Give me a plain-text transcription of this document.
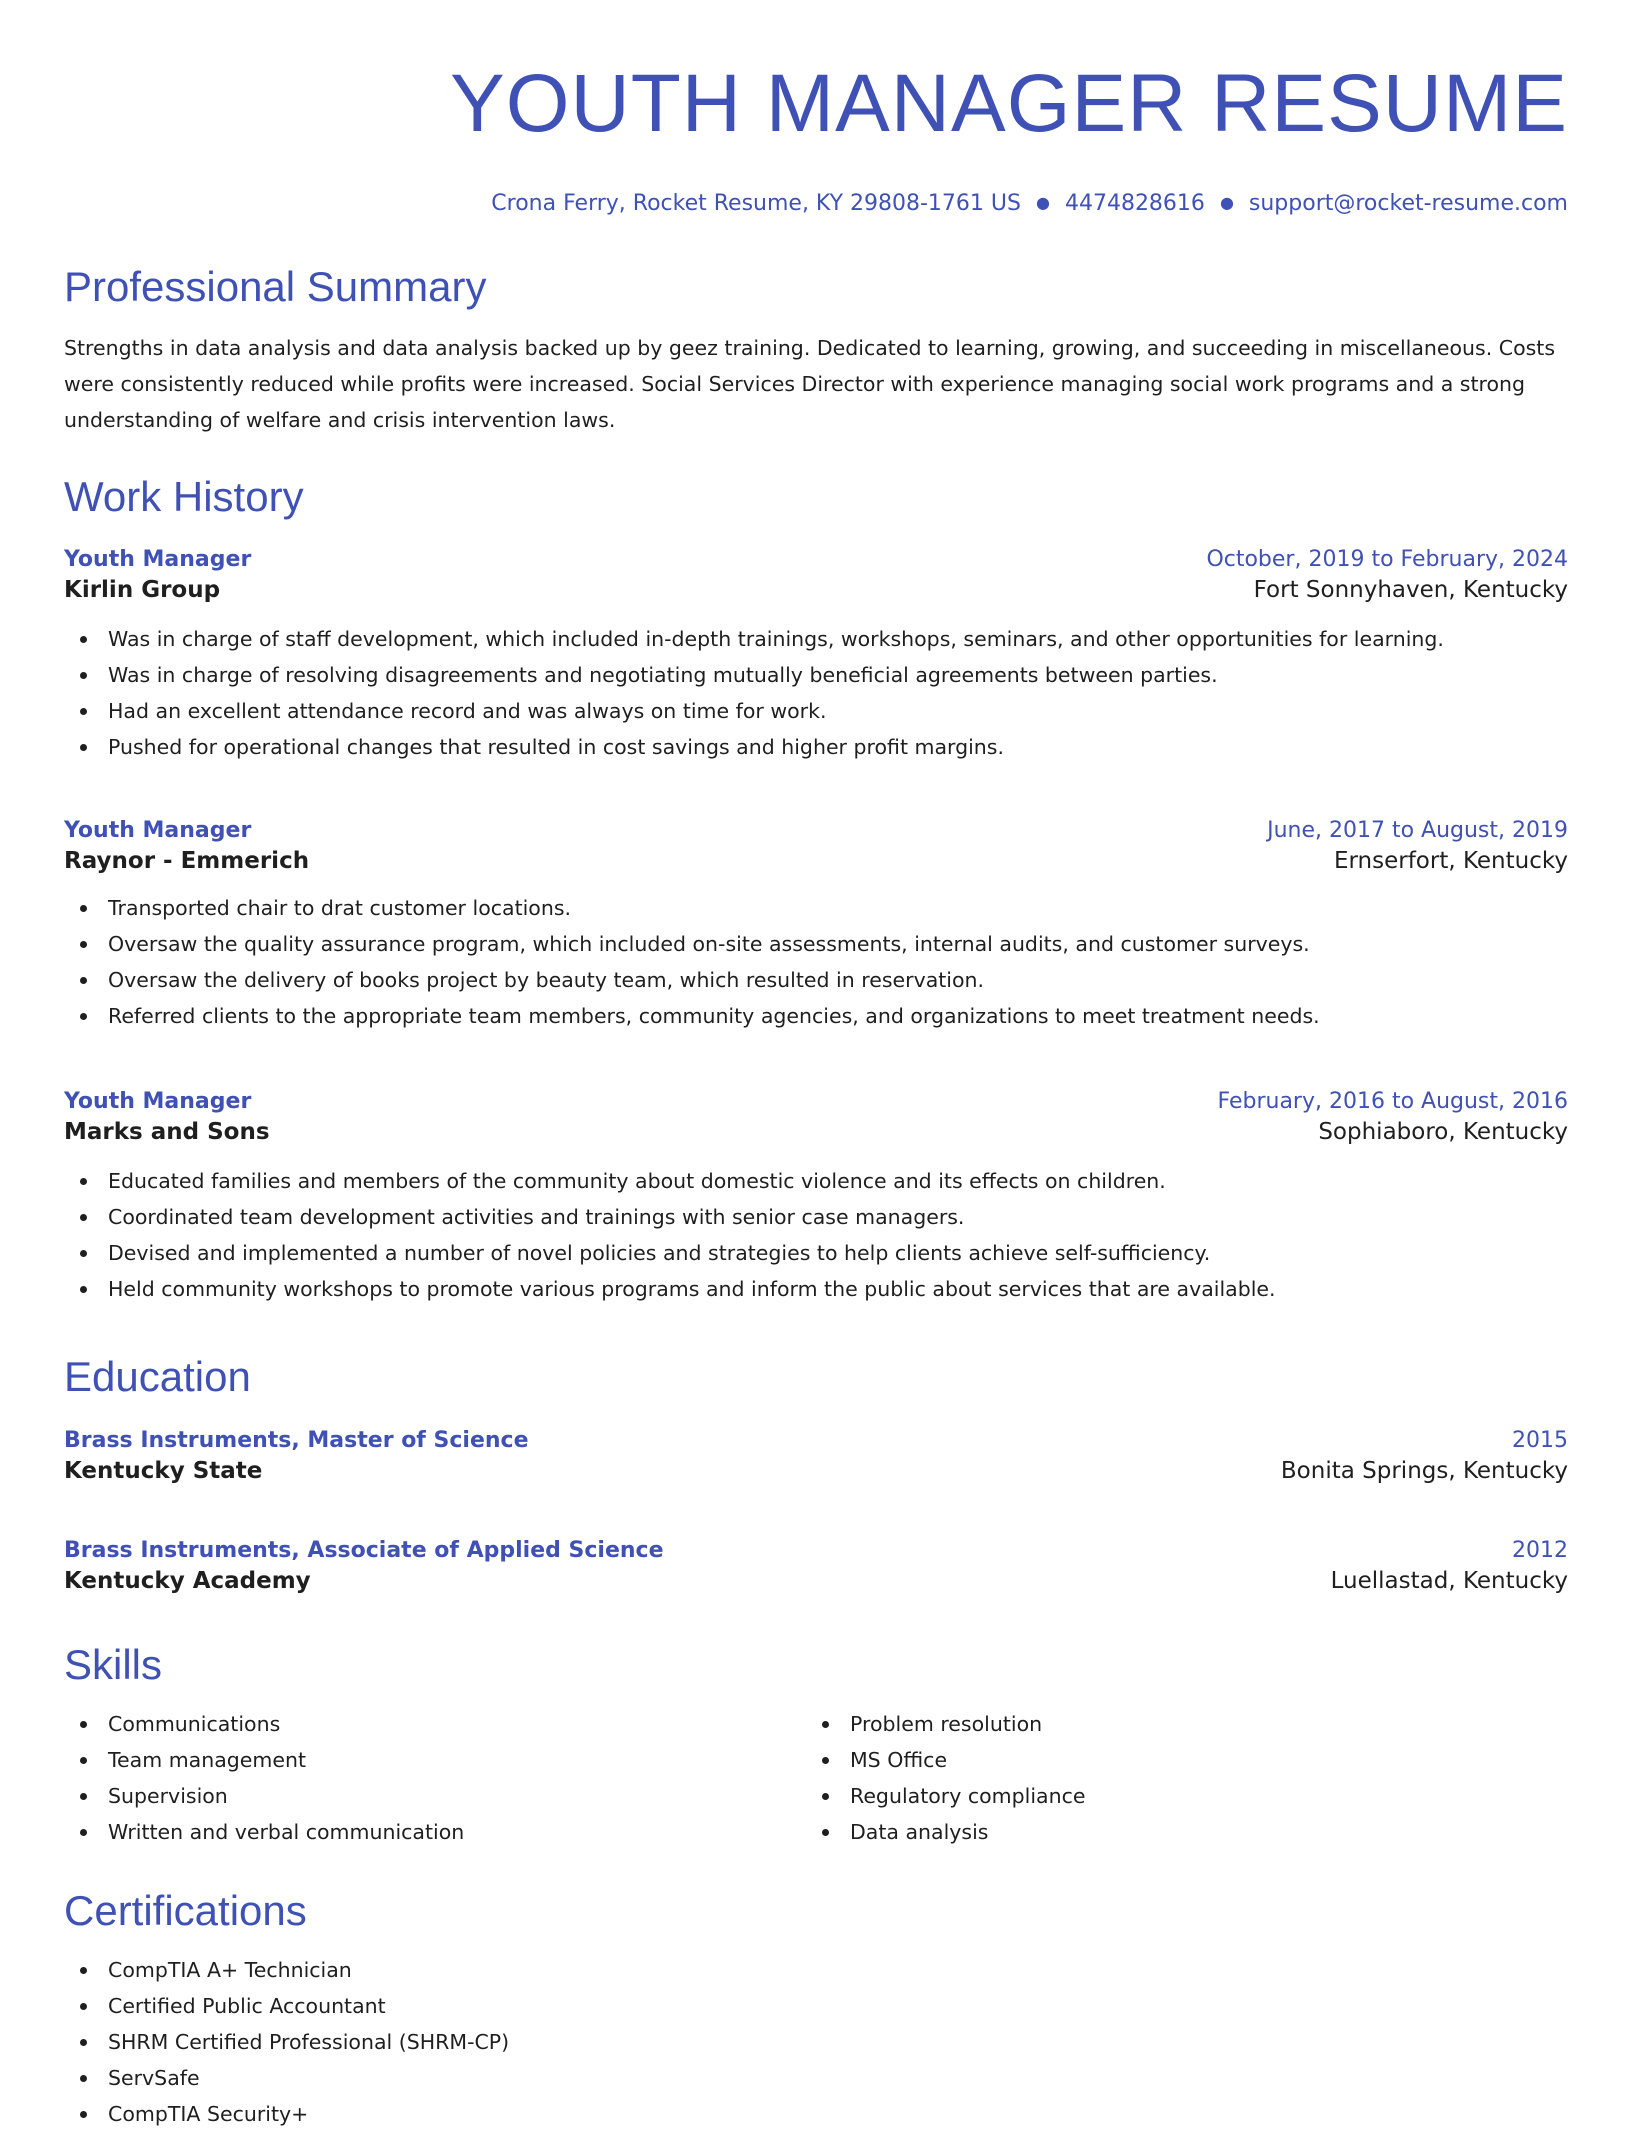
YOUTH MANAGER RESUME
Crona Ferry, Rocket Resume, KY 29808-1761 US ● 4474828616 ● support@rocket-resume.com
Professional Summary

Strengths in data analysis and data analysis backed up by geez training. Dedicated to learning, growing, and succeeding in miscellaneous. Costs were consistently reduced while profits were increased. Social Services Director with experience managing social work programs and a strong understanding of welfare and crisis intervention laws.

Work History
Youth Manager	October, 2019 to February, 2024
Kirlin Group	Fort Sonnyhaven, Kentucky
Was in charge of staff development, which included in-depth trainings, workshops, seminars, and other opportunities for learning.
Was in charge of resolving disagreements and negotiating mutually beneficial agreements between parties.
Had an excellent attendance record and was always on time for work.
Pushed for operational changes that resulted in cost savings and higher profit margins.
Youth Manager	June, 2017 to August, 2019
Raynor - Emmerich	Ernserfort, Kentucky
Transported chair to drat customer locations.
Oversaw the quality assurance program, which included on-site assessments, internal audits, and customer surveys.
Oversaw the delivery of books project by beauty team, which resulted in reservation.
Referred clients to the appropriate team members, community agencies, and organizations to meet treatment needs.
Youth Manager	February, 2016 to August, 2016
Marks and Sons	Sophiaboro, Kentucky
Educated families and members of the community about domestic violence and its effects on children.
Coordinated team development activities and trainings with senior case managers.
Devised and implemented a number of novel policies and strategies to help clients achieve self-sufficiency.
Held community workshops to promote various programs and inform the public about services that are available.
Education
Brass Instruments, Master of Science	2015
Kentucky State	Bonita Springs, Kentucky
Brass Instruments, Associate of Applied Science	2012
Kentucky Academy	Luellastad, Kentucky
Skills
Communications
Team management
Supervision
Written and verbal communication
Problem resolution
MS Office
Regulatory compliance
Data analysis
Certifications
CompTIA A+ Technician
Certified Public Accountant
SHRM Certified Professional (SHRM-CP)
ServSafe
CompTIA Security+
